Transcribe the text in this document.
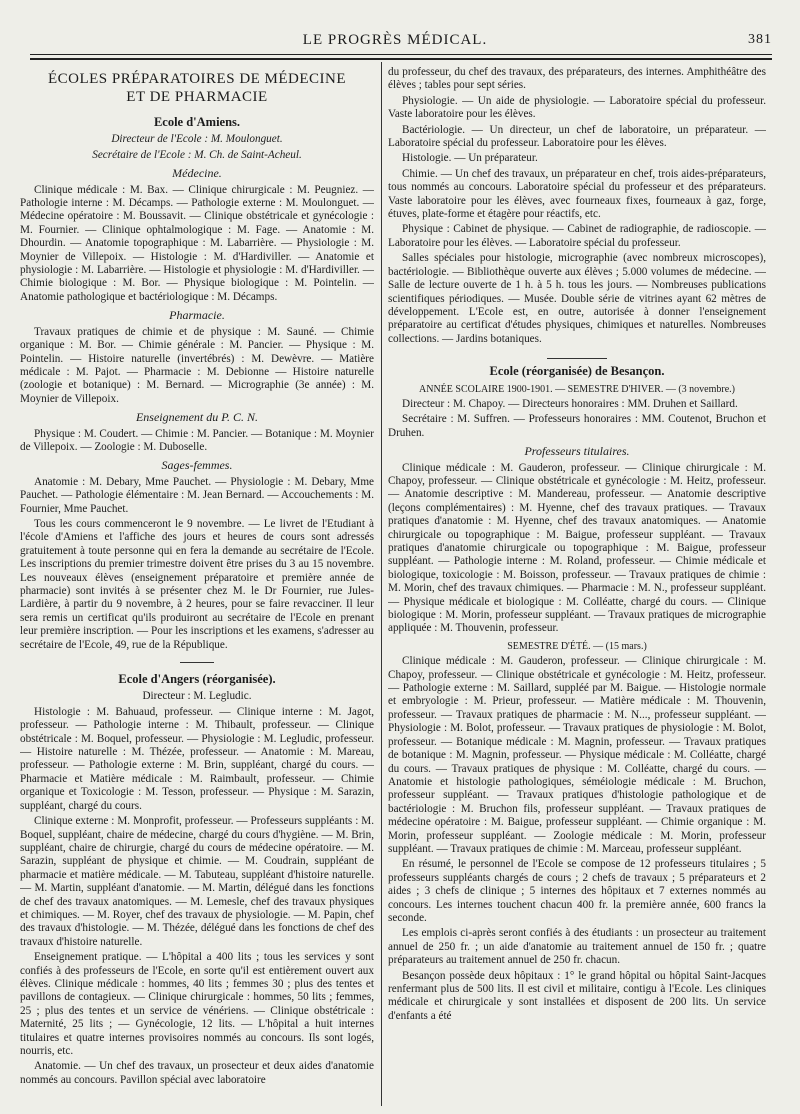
LE PROGRÈS MÉDICAL.	381
ÉCOLES PRÉPARATOIRES DE MÉDECINE
ET DE PHARMACIE
Ecole d'Amiens.

Directeur de l'Ecole : M. Moulonguet.

Secrétaire de l'Ecole : M. Ch. de Saint-Acheul.

Médecine.

Clinique médicale : M. Bax. — Clinique chirurgicale : M. Peugniez. — Pathologie interne : M. Décamps. — Pathologie externe : M. Moulonguet. — Médecine opératoire : M. Boussavit. — Clinique obstétricale et gynécologie : M. Fournier. — Clinique ophtalmologique : M. Fage. — Anatomie : M. Dhourdin. — Anatomie topographique : M. Labarrière. — Physiologie : M. Moynier de Villepoix. — Histologie : M. d'Hardiviller. — Anatomie et physiologie : M. Labarrière. — Histologie et physiologie : M. d'Hardiviller. — Chimie biologique : M. Bor. — Physique biologique : M. Pointelin. — Anatomie pathologique et bactériologique : M. Décamps.

Pharmacie.

Travaux pratiques de chimie et de physique : M. Sauné. — Chimie organique : M. Bor. — Chimie générale : M. Pancier. — Physique : M. Pointelin. — Histoire naturelle (invertébrés) : M. Dewèvre. — Matière médicale : M. Pajot. — Pharmacie : M. Debionne — Histoire naturelle (zoologie et botanique) : M. Bernard. — Micrographie (3e année) : M. Moynier de Villepoix.

Enseignement du P. C. N.

Physique : M. Coudert. — Chimie : M. Pancier. — Botanique : M. Moynier de Villepoix. — Zoologie : M. Duboselle.

Sages-femmes.

Anatomie : M. Debary, Mme Pauchet. — Physiologie : M. Debary, Mme Pauchet. — Pathologie élémentaire : M. Jean Bernard. — Accouchements : M. Fournier, Mme Pauchet.

Tous les cours commenceront le 9 novembre. — Le livret de l'Etudiant à l'école d'Amiens et l'affiche des jours et heures de cours sont adressés gratuitement à toute personne qui en fera la demande au secrétaire de l'Ecole. Les inscriptions du premier trimestre doivent être prises du 3 au 15 novembre. Les nouveaux élèves (enseignement préparatoire et première année de pharmacie) sont invités à se présenter chez M. le Dr Fournier, rue Jules-Lardière, à partir du 9 novembre, à 2 heures, pour se faire revacciner. Il leur sera remis un certificat qu'ils produiront au secrétaire de l'Ecole en prenant leur première inscription. — Pour les inscriptions et les examens, s'adresser au secrétaire de l'Ecole, 49, rue de la République.

Ecole d'Angers (réorganisée).

Directeur : M. Legludic.

Histologie : M. Bahuaud, professeur. — Clinique interne : M. Jagot, professeur. — Pathologie interne : M. Thibault, professeur. — Clinique obstétricale : M. Boquel, professeur. — Physiologie : M. Legludic, professeur. — Histoire naturelle : M. Thézée, professeur. — Anatomie : M. Mareau, professeur. — Pathologie externe : M. Brin, suppléant, chargé du cours. — Pharmacie et Matière médicale : M. Raimbault, professeur. — Chimie organique et Toxicologie : M. Tesson, professeur. — Physique : M. Sarazin, suppléant, chargé du cours.

Clinique externe : M. Monprofit, professeur. — Professeurs suppléants : M. Boquel, suppléant, chaire de médecine, chargé du cours d'hygiène. — M. Brin, suppléant, chaire de chirurgie, chargé du cours de médecine opératoire. — M. Sarazin, suppléant de physique et chimie. — M. Coudrain, suppléant de pharmacie et matière médicale. — M. Tabuteau, suppléant d'histoire naturelle. — M. Martin, suppléant d'anatomie. — M. Martin, délégué dans les fonctions de chef des travaux anatomiques. — M. Lemesle, chef des travaux physiques et chimiques. — M. Royer, chef des travaux de physiologie. — M. Papin, chef des travaux d'histologie. — M. Thézée, délégué dans les fonctions de chef des travaux d'histoire naturelle.

Enseignement pratique. — L'hôpital a 400 lits ; tous les services y sont confiés à des professeurs de l'Ecole, en sorte qu'il est entièrement ouvert aux élèves. Clinique médicale : hommes, 40 lits ; femmes 30 ; plus des tentes et pavillons de contagieux. — Clinique chirurgicale : hommes, 50 lits ; femmes, 25 ; plus des tentes et un service de vénériens. — Clinique obstétricale : Maternité, 25 lits ; — Gynécologie, 12 lits. — L'hôpital a huit internes titulaires et quatre internes provisoires nommés au concours. Ils sont logés, nourris, etc.

Anatomie. — Un chef des travaux, un prosecteur et deux aides d'anatomie nommés au concours. Pavillon spécial avec laboratoire

du professeur, du chef des travaux, des préparateurs, des internes. Amphithéâtre des élèves ; tables pour sept séries.

Physiologie. — Un aide de physiologie. — Laboratoire spécial du professeur. Vaste laboratoire pour les élèves.

Bactériologie. — Un directeur, un chef de laboratoire, un préparateur. — Laboratoire spécial du professeur. Laboratoire pour les élèves.

Histologie. — Un préparateur.

Chimie. — Un chef des travaux, un préparateur en chef, trois aides-préparateurs, tous nommés au concours. Laboratoire spécial du professeur et des préparateurs. Vaste laboratoire pour les élèves, avec fourneaux fixes, fourneaux à gaz, forge, étuves, plate-forme et étagère pour réactifs, etc.

Physique : Cabinet de physique. — Cabinet de radiographie, de radioscopie. — Laboratoire pour les élèves. — Laboratoire spécial du professeur.

Salles spéciales pour histologie, micrographie (avec nombreux microscopes), bactériologie. — Bibliothèque ouverte aux élèves ; 5.000 volumes de médecine. — Salle de lecture ouverte de 1 h. à 5 h. tous les jours. — Nombreuses publications scientifiques périodiques. — Musée. Double série de vitrines ayant 62 mètres de développement. L'Ecole est, en outre, autorisée à donner l'enseignement préparatoire au certificat d'études physiques, chimiques et naturelles. Nombreuses collections. — Jardins botaniques.

Ecole (réorganisée) de Besançon.

ANNÉE SCOLAIRE 1900-1901. — SEMESTRE D'HIVER. — (3 novembre.)

Directeur : M. Chapoy. — Directeurs honoraires : MM. Druhen et Saillard.

Secrétaire : M. Suffren. — Professeurs honoraires : MM. Coutenot, Bruchon et Druhen.

Professeurs titulaires.

Clinique médicale : M. Gauderon, professeur. — Clinique chirurgicale : M. Chapoy, professeur. — Clinique obstétricale et gynécologie : M. Heitz, professeur. — Anatomie descriptive : M. Mandereau, professeur. — Anatomie descriptive (leçons complémentaires) : M. Hyenne, chef des travaux pratiques. — Travaux pratiques d'anatomie : M. Hyenne, chef des travaux anatomiques. — Anatomie chirurgicale ou topographique : M. Baigue, professeur suppléant. — Travaux pratiques d'anatomie chirurgicale ou topographique : M. Baigue, professeur suppléant. — Pathologie interne : M. Roland, professeur. — Chimie médicale et biologique, toxicologie : M. Boisson, professeur. — Travaux pratiques de chimie : M. Morin, chef des travaux chimiques. — Pharmacie : M. N., professeur suppléant. — Physique médicale et biologique : M. Colléatte, chargé du cours. — Clinique biologique : M. Morin, professeur suppléant. — Travaux pratiques de micrographie appliquée : M. Thouvenin, professeur.

SEMESTRE D'ÉTÉ. — (15 mars.)

Clinique médicale : M. Gauderon, professeur. — Clinique chirurgicale : M. Chapoy, professeur. — Clinique obstétricale et gynécologie : M. Heitz, professeur. — Pathologie externe : M. Saillard, suppléé par M. Baigue. — Histologie normale et embryologie : M. Prieur, professeur. — Matière médicale : M. Thouvenin, professeur. — Travaux pratiques de pharmacie : M. N..., professeur suppléant. — Physiologie : M. Bolot, professeur. — Travaux pratiques de physiologie : M. Bolot, professeur. — Botanique médicale : M. Magnin, professeur. — Travaux pratiques de botanique : M. Magnin, professeur. — Physique médicale : M. Colléatte, chargé du cours. — Travaux pratiques de physique : M. Colléatte, chargé du cours. — Anatomie et histologie pathologiques, séméiologie médicale : M. Bruchon, professeur suppléant. — Travaux pratiques d'histologie pathologique et de bactériologie : M. Bruchon fils, professeur suppléant. — Travaux pratiques de médecine opératoire : M. Baigue, professeur suppléant. — Chimie organique : M. Morin, professeur suppléant. — Zoologie médicale : M. Morin, professeur suppléant. — Travaux pratiques de chimie : M. Marceau, professeur suppléant.

En résumé, le personnel de l'Ecole se compose de 12 professeurs titulaires ; 5 professeurs suppléants chargés de cours ; 2 chefs de travaux ; 5 préparateurs et 2 aides ; 3 chefs de clinique ; 5 internes des hôpitaux et 7 externes nommés au concours. Les internes touchent chacun 400 fr. la première année, 600 francs la seconde.

Les emplois ci-après seront confiés à des étudiants : un prosecteur au traitement annuel de 250 fr. ; un aide d'anatomie au traitement annuel de 150 fr. ; quatre préparateurs au traitement annuel de 250 fr. chacun.

Besançon possède deux hôpitaux : 1° le grand hôpital ou hôpital Saint-Jacques renfermant plus de 500 lits. Il est civil et militaire, contigu à l'Ecole. Les cliniques médicale et chirurgicale y sont installées et disposent de 200 lits. Un service d'enfants a été
